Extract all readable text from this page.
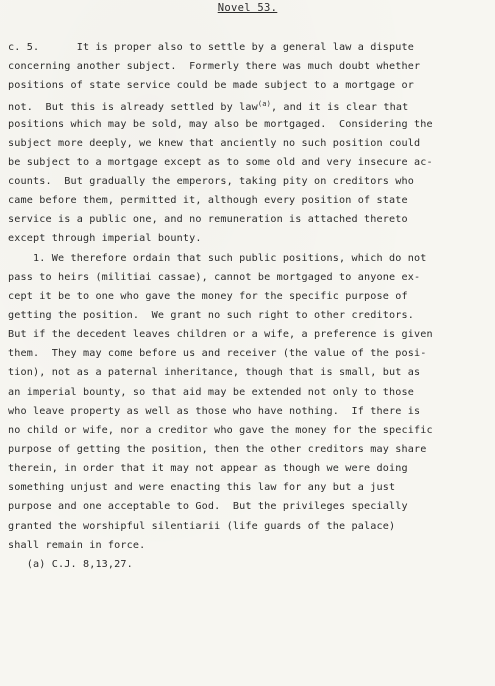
Novel 53.
c. 5.      It is proper also to settle by a general law a dispute
concerning another subject.  Formerly there was much doubt whether
positions of state service could be made subject to a mortgage or
not.  But this is already settled by law$^{(a)}$, and it is clear that
positions which may be sold, may also be mortgaged.  Considering the
subject more deeply, we knew that anciently no such position could
be subject to a mortgage except as to some old and very insecure ac-
counts.  But gradually the emperors, taking pity on creditors who
came before them, permitted it, although every position of state
service is a public one, and no remuneration is attached thereto
except through imperial bounty.
1. We therefore ordain that such public positions, which do not
pass to heirs (militiai cassae), cannot be mortgaged to anyone ex-
cept it be to one who gave the money for the specific purpose of
getting the position.  We grant no such right to other creditors.
But if the decedent leaves children or a wife, a preference is given
them.  They may come before us and receiver (the value of the posi-
tion), not as a paternal inheritance, though that is small, but as
an imperial bounty, so that aid may be extended not only to those
who leave property as well as those who have nothing.  If there is
no child or wife, nor a creditor who gave the money for the specific
purpose of getting the position, then the other creditors may share
therein, in order that it may not appear as though we were doing
something unjust and were enacting this law for any but a just
purpose and one acceptable to God.  But the privileges specially
granted the worshipful silentiarii (life guards of the palace)
shall remain in force.
(a) C.J. 8,13,27.
